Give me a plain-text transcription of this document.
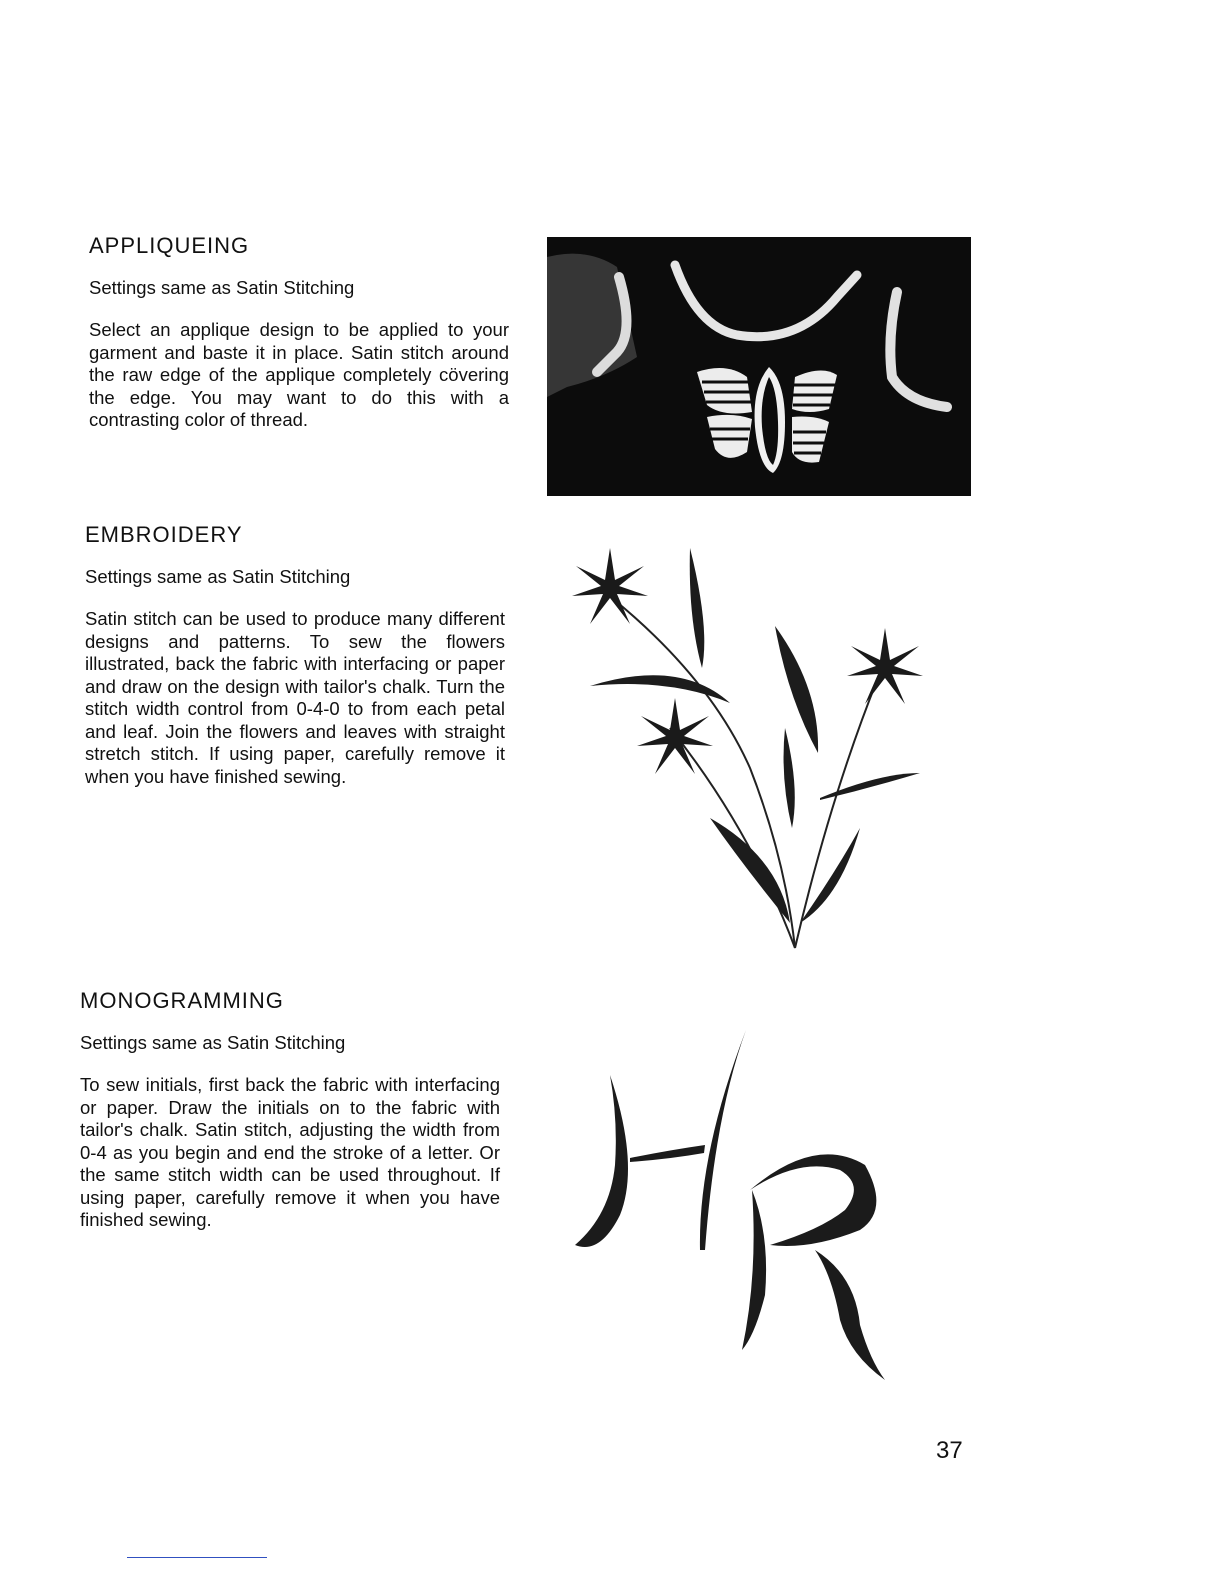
APPLIQUEING

Settings same as Satin Stitching

Select an applique design to be applied to your garment and baste it in place. Satin stitch around the raw edge of the applique completely cövering the edge. You may want to do this with a contrasting color of thread.

EMBROIDERY

Settings same as Satin Stitching

Satin stitch can be used to produce many different designs and patterns. To sew the flowers illustrated, back the fabric with interfacing or paper and draw on the design with tailor's chalk. Turn the stitch width control from 0-4-0 to from each petal and leaf. Join the flowers and leaves with straight stretch stitch. If using paper, carefully remove it when you have finished sewing.

MONOGRAMMING

Settings same as Satin Stitching

To sew initials, first back the fabric with interfacing or paper. Draw the initials on to the fabric with tailor's chalk. Satin stitch, adjusting the width from 0-4 as you begin and end the stroke of a letter. Or the same stitch width can be used throughout. If using paper, carefully remove it when you have finished sewing.

37
